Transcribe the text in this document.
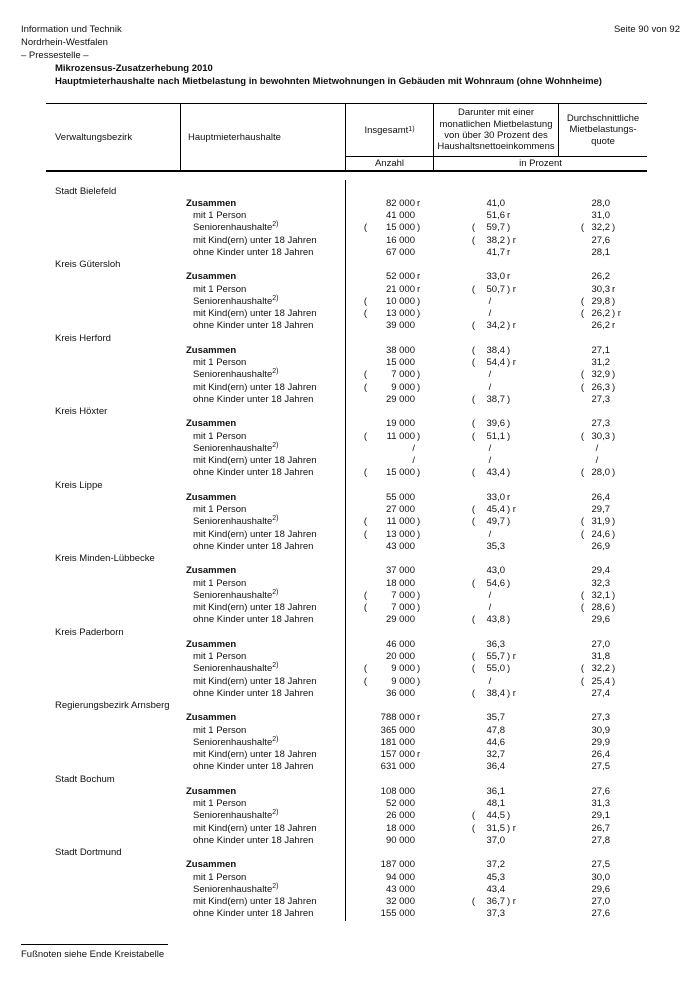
Information und Technik
Nordrhein-Westfalen
– Pressestelle –
Seite 90 von 92
Mikrozensus-Zusatzerhebung 2010
Hauptmieterhaushalte nach Mietbelastung in bewohnten Mietwohnungen in Gebäuden mit Wohnraum (ohne Wohnheime)
Verwaltungsbezirk	Hauptmieterhaushalte
Insgesamt 1)
Darunter mit einer
monatlichen Mietbelastung
von über 30 Prozent des
Haushaltsnettoeinkommens
Durchschnittliche
Mietbelastungs-
quote
Anzahl	in Prozent
Stadt Bielefeld
Zusammen	82 000 r	41,0	28,0
mit 1 Person	41 000	51,6 r	31,0
Seniorenhaushalte$^{2)}$	(	15 000 )	(	59,7 )	( 32,2 )
mit Kind(ern) unter 18 Jahren	16 000	(	38,2 ) r	27,6
ohne Kinder unter 18 Jahren	67 000	41,7 r	28,1
Kreis Gütersloh
Zusammen	52 000 r	33,0 r	26,2
mit 1 Person	21 000 r	(	50,7 ) r	30,3 r
Seniorenhaushalte$^{2)}$	(	10 000 )	/	( 29,8 )
mit Kind(ern) unter 18 Jahren	(	13 000 )	/	( 26,2 ) r
ohne Kinder unter 18 Jahren	39 000	(	34,2 ) r	26,2 r
Kreis Herford
Zusammen	38 000	(	38,4 )	27,1
mit 1 Person	15 000	(	54,4 ) r	31,2
Seniorenhaushalte$^{2)}$	(	7 000 )	/	( 32,9 )
mit Kind(ern) unter 18 Jahren	(	9 000 )	/	( 26,3 )
ohne Kinder unter 18 Jahren	29 000	(	38,7 )	27,3
Kreis Höxter
Zusammen	19 000	(	39,6 )	27,3
mit 1 Person	(	11 000 )	(	51,1 )	( 30,3 )
Seniorenhaushalte$^{2)}$	/	/	/
mit Kind(ern) unter 18 Jahren	/	/	/
ohne Kinder unter 18 Jahren	(	15 000 )	(	43,4 )	( 28,0 )
Kreis Lippe
Zusammen	55 000	33,0 r	26,4
mit 1 Person	27 000	(	45,4 ) r	29,7
Seniorenhaushalte$^{2)}$	(	11 000 )	(	49,7 )	( 31,9 )
mit Kind(ern) unter 18 Jahren	(	13 000 )	/	( 24,6 )
ohne Kinder unter 18 Jahren	43 000	35,3	26,9
Kreis Minden-Lübbecke
Zusammen	37 000	43,0	29,4
mit 1 Person	18 000	(	54,6 )	32,3
Seniorenhaushalte$^{2)}$	(	7 000 )	/	( 32,1 )
mit Kind(ern) unter 18 Jahren	(	7 000 )	/	( 28,6 )
ohne Kinder unter 18 Jahren	29 000	(	43,8 )	29,6
Kreis Paderborn
Zusammen	46 000	36,3	27,0
mit 1 Person	20 000	(	55,7 ) r	31,8
Seniorenhaushalte$^{2)}$	(	9 000 )	(	55,0 )	( 32,2 )
mit Kind(ern) unter 18 Jahren	(	9 000 )	/	( 25,4 )
ohne Kinder unter 18 Jahren	36 000	(	38,4 ) r	27,4
Regierungsbezirk Arnsberg
Zusammen	788 000 r	35,7	27,3
mit 1 Person	365 000	47,8	30,9
Seniorenhaushalte$^{2)}$	181 000	44,6	29,9
mit Kind(ern) unter 18 Jahren	157 000 r	32,7	26,4
ohne Kinder unter 18 Jahren	631 000	36,4	27,5
Stadt Bochum
Zusammen	108 000	36,1	27,6
mit 1 Person	52 000	48,1	31,3
Seniorenhaushalte$^{2)}$	26 000	(	44,5 )	29,1
mit Kind(ern) unter 18 Jahren	18 000	(	31,5 ) r	26,7
ohne Kinder unter 18 Jahren	90 000	37,0	27,8
Stadt Dortmund
Zusammen	187 000	37,2	27,5
mit 1 Person	94 000	45,3	30,0
Seniorenhaushalte$^{2)}$	43 000	43,4	29,6
mit Kind(ern) unter 18 Jahren	32 000	(	36,7 ) r	27,0
ohne Kinder unter 18 Jahren	155 000	37,3	27,6
Fußnoten siehe Ende Kreistabelle
